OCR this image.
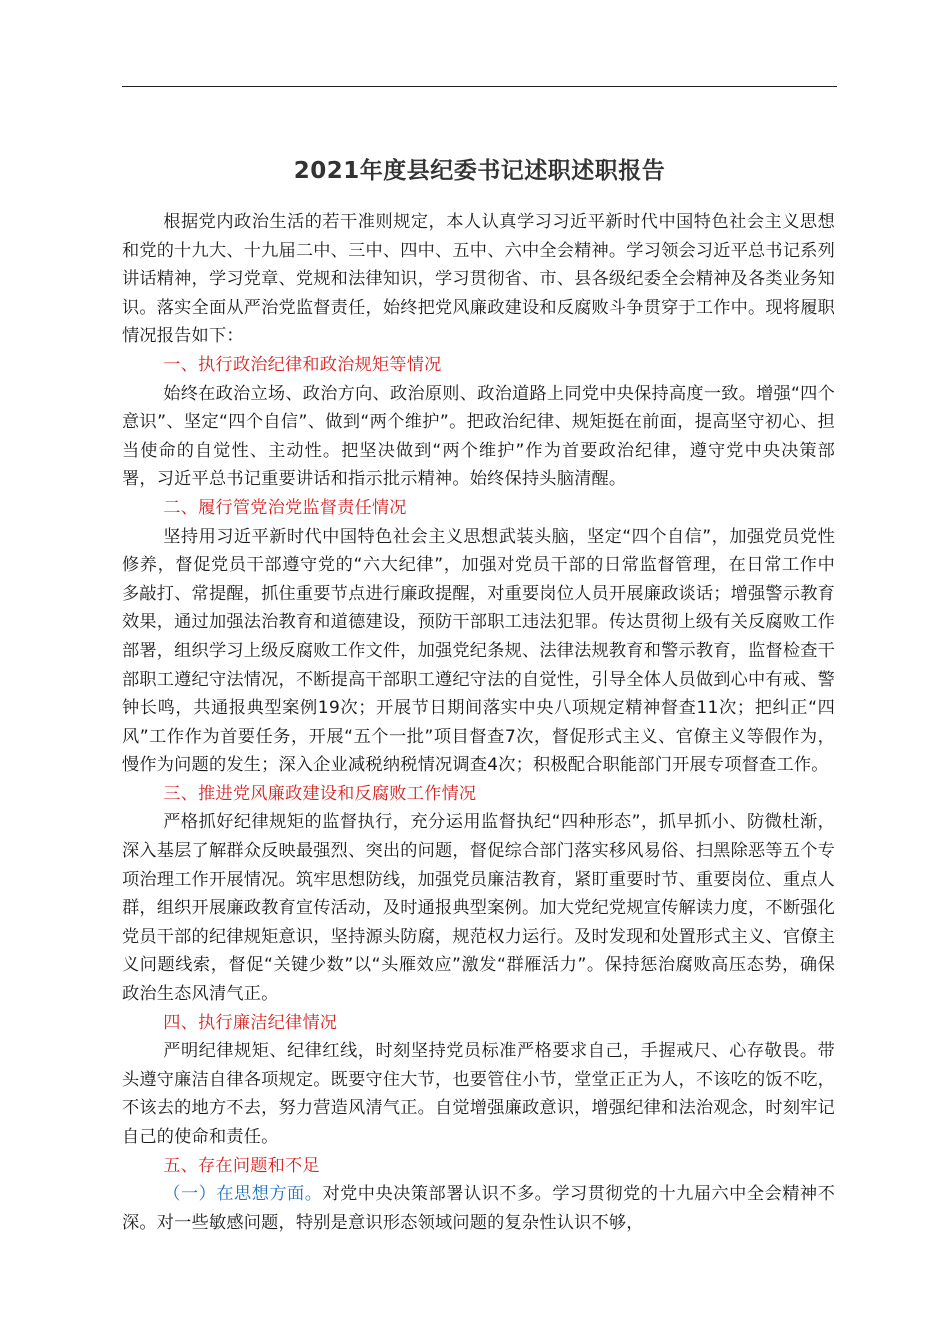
2021年度县纪委书记述职述职报告

根据党内政治生活的若干准则规定，本人认真学习习近平新时代中国特色社会主义思想和党的十九大、十九届二中、三中、四中、五中、六中全会精神。学习领会习近平总书记系列讲话精神，学习党章、党规和法律知识，学习贯彻省、市、县各级纪委全会精神及各类业务知识。落实全面从严治党监督责任，始终把党风廉政建设和反腐败斗争贯穿于工作中。现将履职情况报告如下：

一、执行政治纪律和政治规矩等情况

始终在政治立场、政治方向、政治原则、政治道路上同党中央保持高度一致。增强“四个意识”、坚定“四个自信”、做到“两个维护”。把政治纪律、规矩挺在前面，提高坚守初心、担当使命的自觉性、主动性。把坚决做到“两个维护”作为首要政治纪律，遵守党中央决策部署，习近平总书记重要讲话和指示批示精神。始终保持头脑清醒。

二、履行管党治党监督责任情况

坚持用习近平新时代中国特色社会主义思想武装头脑，坚定“四个自信”，加强党员党性修养，督促党员干部遵守党的“六大纪律”，加强对党员干部的日常监督管理，在日常工作中多敲打、常提醒，抓住重要节点进行廉政提醒，对重要岗位人员开展廉政谈话；增强警示教育效果，通过加强法治教育和道德建设，预防干部职工违法犯罪。传达贯彻上级有关反腐败工作部署，组织学习上级反腐败工作文件，加强党纪条规、法律法规教育和警示教育，监督检查干部职工遵纪守法情况，不断提高干部职工遵纪守法的自觉性，引导全体人员做到心中有戒、警钟长鸣，共通报典型案例19次；开展节日期间落实中央八项规定精神督查11次；把纠正“四风”工作作为首要任务，开展“五个一批”项目督查7次，督促形式主义、官僚主义等假作为，慢作为问题的发生；深入企业减税纳税情况调查4次；积极配合职能部门开展专项督查工作。

三、推进党风廉政建设和反腐败工作情况

严格抓好纪律规矩的监督执行，充分运用监督执纪“四种形态”，抓早抓小、防微杜渐，深入基层了解群众反映最强烈、突出的问题，督促综合部门落实移风易俗、扫黑除恶等五个专项治理工作开展情况。筑牢思想防线，加强党员廉洁教育，紧盯重要时节、重要岗位、重点人群，组织开展廉政教育宣传活动，及时通报典型案例。加大党纪党规宣传解读力度，不断强化党员干部的纪律规矩意识，坚持源头防腐，规范权力运行。及时发现和处置形式主义、官僚主义问题线索，督促“关键少数”以“头雁效应”激发“群雁活力”。保持惩治腐败高压态势，确保政治生态风清气正。

四、执行廉洁纪律情况

严明纪律规矩、纪律红线，时刻坚持党员标准严格要求自己，手握戒尺、心存敬畏。带头遵守廉洁自律各项规定。既要守住大节，也要管住小节，堂堂正正为人，不该吃的饭不吃，不该去的地方不去，努力营造风清气正。自觉增强廉政意识，增强纪律和法治观念，时刻牢记自己的使命和责任。

五、存在问题和不足

（一）在思想方面。对党中央决策部署认识不多。学习贯彻党的十九届六中全会精神不深。对一些敏感问题，特别是意识形态领域问题的复杂性认识不够，
